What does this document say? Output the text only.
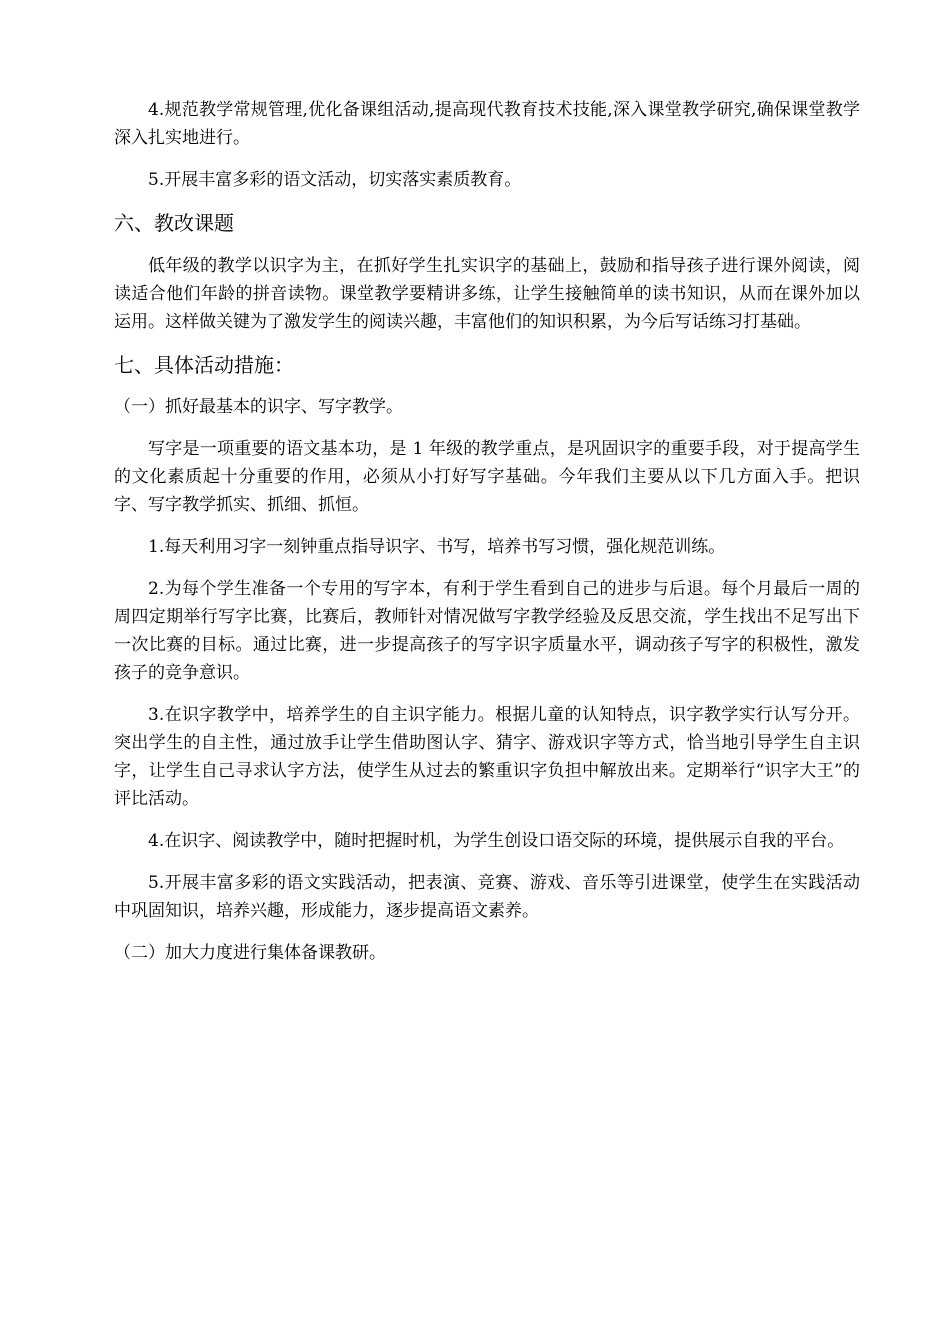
4.规范教学常规管理,优化备课组活动,提高现代教育技术技能,深入课堂教学研究,确保课堂教学深入扎实地进行。

5.开展丰富多彩的语文活动，切实落实素质教育。

六、教改课题

低年级的教学以识字为主，在抓好学生扎实识字的基础上，鼓励和指导孩子进行课外阅读，阅读适合他们年龄的拼音读物。课堂教学要精讲多练，让学生接触简单的读书知识，从而在课外加以运用。这样做关键为了激发学生的阅读兴趣，丰富他们的知识积累，为今后写话练习打基础。

七、具体活动措施：

（一）抓好最基本的识字、写字教学。

写字是一项重要的语文基本功，是 1 年级的教学重点，是巩固识字的重要手段，对于提高学生的文化素质起十分重要的作用，必须从小打好写字基础。今年我们主要从以下几方面入手。把识字、写字教学抓实、抓细、抓恒。

1.每天利用习字一刻钟重点指导识字、书写，培养书写习惯，强化规范训练。

2.为每个学生准备一个专用的写字本，有利于学生看到自己的进步与后退。每个月最后一周的周四定期举行写字比赛，比赛后，教师针对情况做写字教学经验及反思交流，学生找出不足写出下一次比赛的目标。通过比赛，进一步提高孩子的写字识字质量水平，调动孩子写字的积极性，激发孩子的竞争意识。

3.在识字教学中，培养学生的自主识字能力。根据儿童的认知特点，识字教学实行认写分开。突出学生的自主性，通过放手让学生借助图认字、猜字、游戏识字等方式，恰当地引导学生自主识字，让学生自己寻求认字方法，使学生从过去的繁重识字负担中解放出来。定期举行“识字大王”的评比活动。

4.在识字、阅读教学中，随时把握时机，为学生创设口语交际的环境，提供展示自我的平台。

5.开展丰富多彩的语文实践活动，把表演、竞赛、游戏、音乐等引进课堂，使学生在实践活动中巩固知识，培养兴趣，形成能力，逐步提高语文素养。

（二）加大力度进行集体备课教研。
